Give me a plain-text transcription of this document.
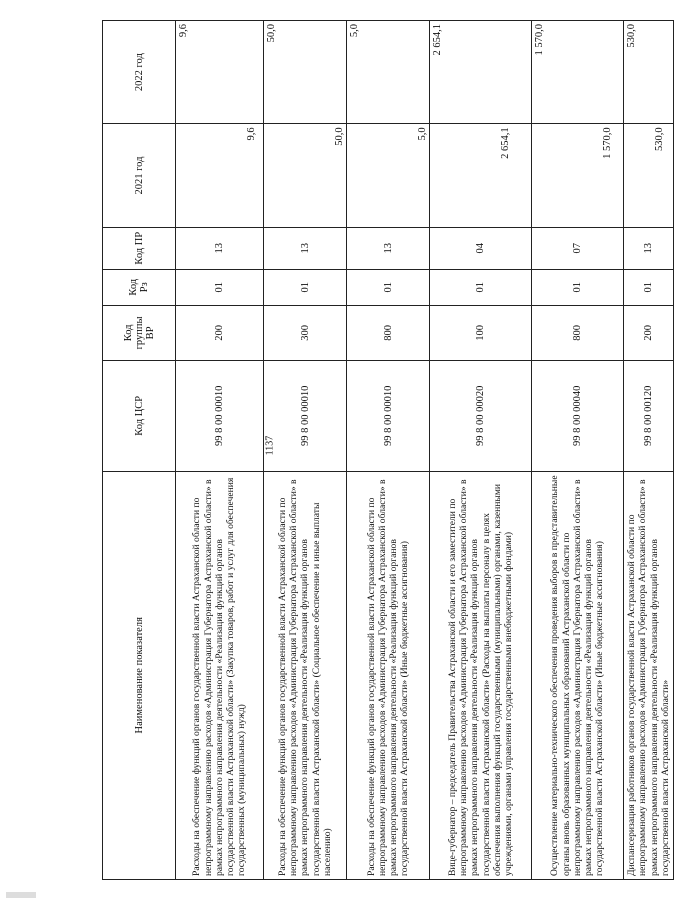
1137
Наименование показателя	Код ЦСР	Код группы ВР	Код Рз	Код ПР	2021 год	2022 год
Расходы на обеспечение функций органов государственной власти Астраханской области по непрограммному направлению расходов «Администрация Губернатора Астраханской области» в рамках непрограммного направления деятельности «Реализация функций органов государственной власти Астраханской области» (Закупка товаров, работ и услуг для обеспечения государственных (муниципальных) нужд)	99 8 00 00010	200	01	13	9,6	9,6
Расходы на обеспечение функций органов государственной власти Астраханской области по непрограммному направлению расходов «Администрация Губернатора Астраханской области» в рамках непрограммного направления деятельности «Реализация функций органов государственной власти Астраханской области» (Социальное обеспечение и иные выплаты населению)	99 8 00 00010	300	01	13	50,0	50,0
Расходы на обеспечение функций органов государственной власти Астраханской области по непрограммному направлению расходов «Администрация Губернатора Астраханской области» в рамках непрограммного направления деятельности «Реализация функций органов государственной власти Астраханской области» (Иные бюджетные ассигнования)	99 8 00 00010	800	01	13	5,0	5,0
Вице-губернатор – председатель Правительства Астраханской области и его заместители по непрограммному направлению расходов «Администрация Губернатора Астраханской области» в рамках непрограммного направления деятельности «Реализация функций органов государственной власти Астраханской области» (Расходы на выплаты персоналу в целях обеспечения выполнения функций государственными (муниципальными) органами, казенными учреждениями, органами управления государственными внебюджетными фондами)	99 8 00 00020	100	01	04	2 654,1	2 654,1
Осуществление материально-технического обеспечения проведения выборов в представительные органы вновь образованных муниципальных образований Астраханской области по непрограммному направлению расходов «Администрация Губернатора Астраханской области» в рамках непрограммного направления деятельности «Реализация функций органов государственной власти Астраханской области» (Иные бюджетные ассигнования)	99 8 00 00040	800	01	07	1 570,0	1 570,0
Диспансеризация работников органов государственной власти Астраханской области по непрограммному направлению расходов «Администрация Губернатора Астраханской области» в рамках непрограммного направления деятельности «Реализация функций органов государственной власти Астраханской области»	99 8 00 00120	200	01	13	530,0	530,0
